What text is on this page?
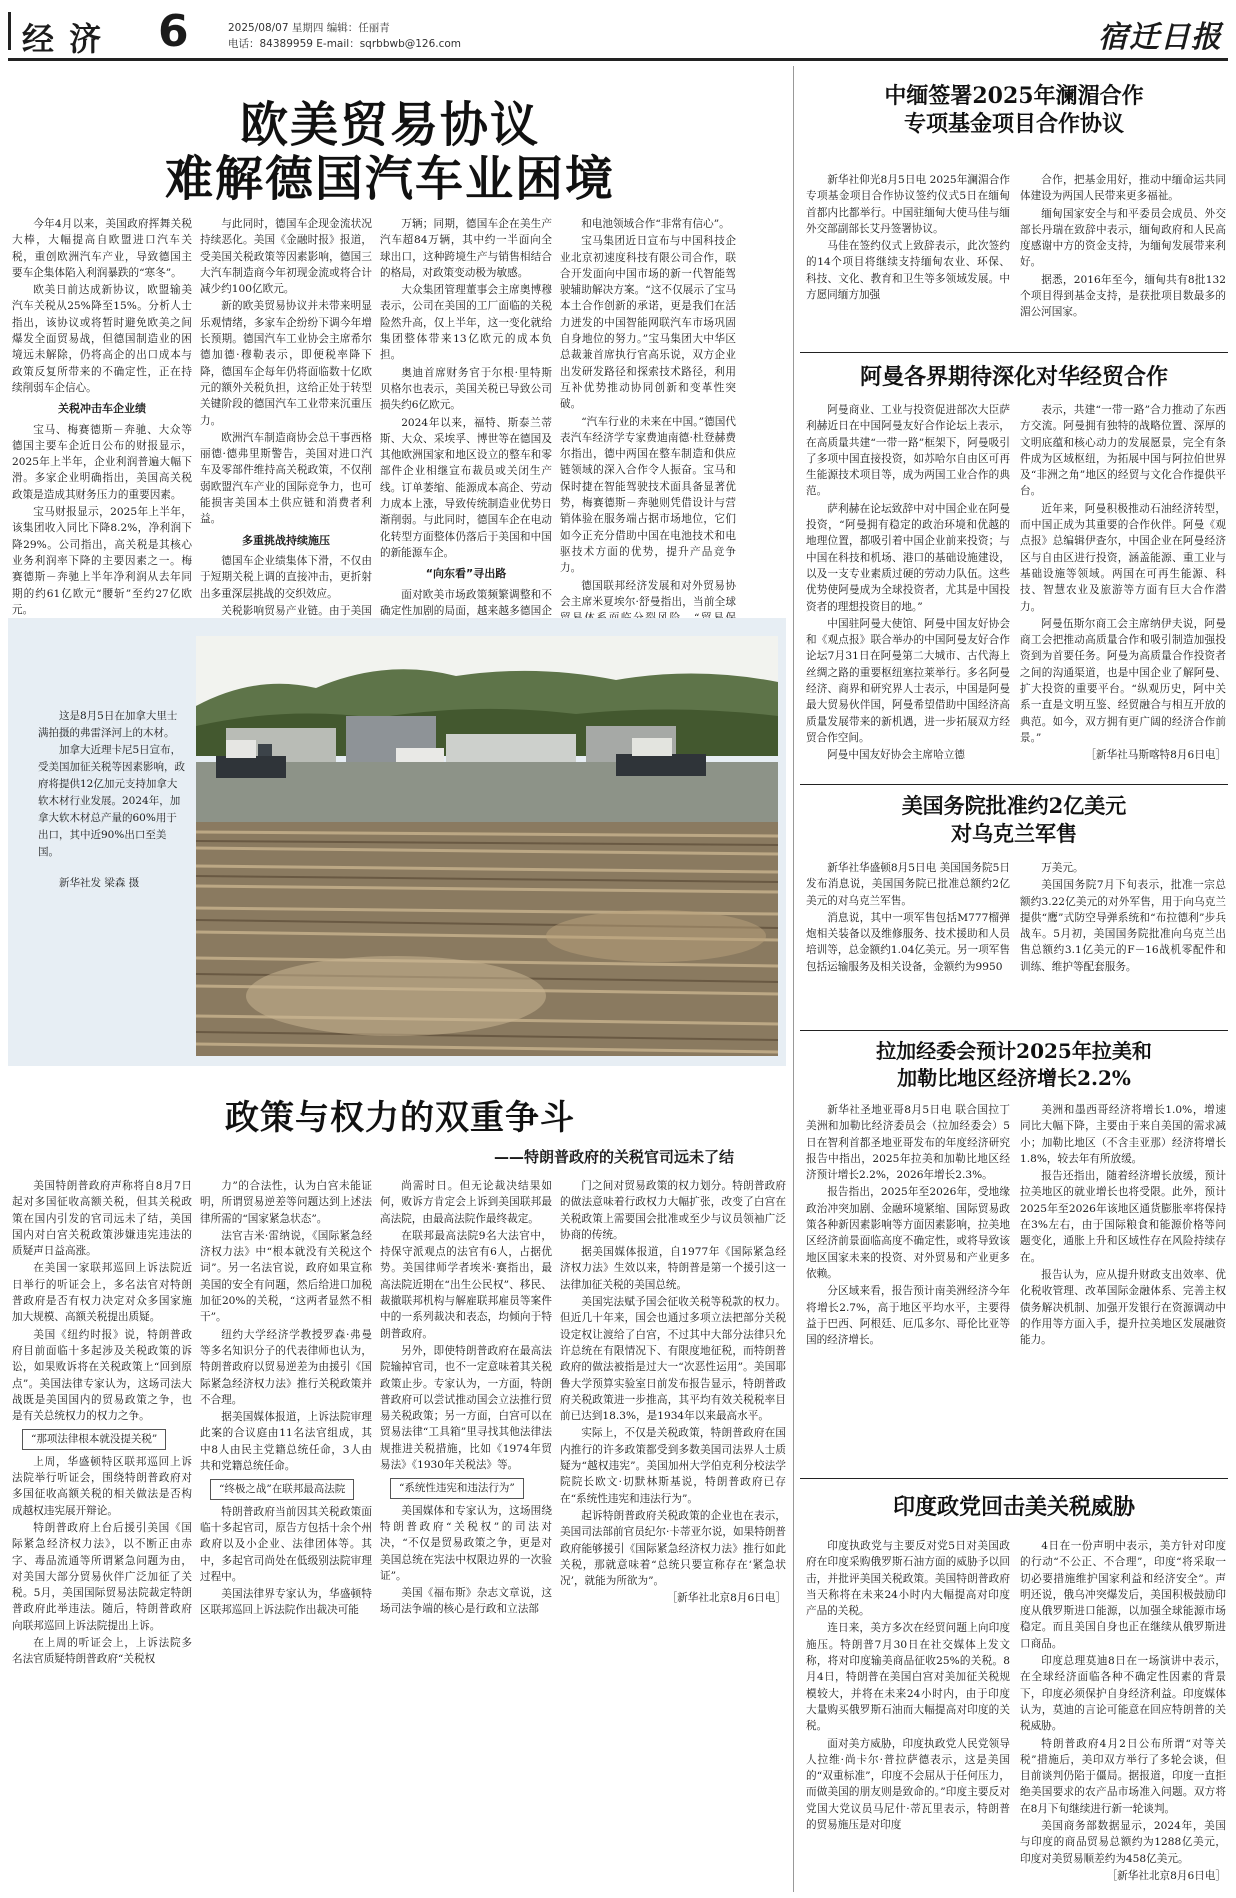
经 济 6	2025/08/07 星期四 编辑：任丽青
电话：84389959 E-mail：sqrbbwb@126.com	宿迁日报
欧美贸易协议
难解德国汽车业困境

今年4月以来，美国政府挥舞关税大棒，大幅提高自欧盟进口汽车关税，重创欧洲汽车产业，导致德国主要车企集体陷入利润暴跌的“寒冬”。

欧美日前达成新协议，欧盟输美汽车关税从25%降至15%。分析人士指出，该协议或将暂时避免欧美之间爆发全面贸易战，但德国制造业的困境远未解除，仍将高企的出口成本与政策反复所带来的不确定性，正在持续削弱车企信心。

关税冲击车企业绩

宝马、梅赛德斯－奔驰、大众等德国主要车企近日公布的财报显示，2025年上半年，企业利润普遍大幅下滑。多家企业明确指出，美国高关税政策是造成其财务压力的重要因素。

宝马财报显示，2025年上半年，该集团收入同比下降8.2%，净利润下降29%。公司指出，高关税是其核心业务利润率下降的主要因素之一。梅赛德斯－奔驰上半年净利润从去年同期的约61亿欧元“腰斩”至约27亿欧元。

与此同时，德国车企现金流状况持续恶化。美国《金融时报》报道，受美国关税政策等因素影响，德国三大汽车制造商今年初现金流或将合计减少约100亿欧元。

新的欧美贸易协议并未带来明显乐观情绪，多家车企纷纷下调今年增长预期。德国汽车工业协会主席希尔德加德·穆勒表示，即便税率降下降，德国车企每年仍将面临数十亿欧元的额外关税负担，这给正处于转型关键阶段的德国汽车工业带来沉重压力。

欧洲汽车制造商协会总干事西格丽德·德弗里斯警告，美国对进口汽车及零部件维持高关税政策，不仅削弱欧盟汽车产业的国际竞争力，也可能损害美国本土供应链和消费者利益。

多重挑战持续施压

德国车企业绩集体下滑，不仅由于短期关税上调的直接冲击，更折射出多重深层挑战的交织效应。

关税影响贸易产业链。由于美国

万辆；同期，德国车企在美生产汽车超84万辆，其中约一半面向全球出口，这种跨境生产与销售相结合的格局，对政策变动极为敏感。

大众集团管理董事会主席奥博穆表示，公司在美国的工厂面临的关税险然升高，仅上半年，这一变化就给集团整体带来13亿欧元的成本负担。

奥迪首席财务官于尔根·里特斯贝格尔也表示，美国关税已导致公司损失约6亿欧元。

2024年以来，福特、斯泰兰蒂斯、大众、采埃孚、博世等在德国及其他欧洲国家和地区设立的整车和零部件企业相继宣布裁员或关闭生产线。订单萎缩、能源成本高企、劳动力成本上涨，导致传统制造业优势日渐削弱。与此同时，德国车企在电动化转型方面整体仍落后于美国和中国的新能源车企。

“向东看”寻出路

面对欧美市场政策频繁调整和不确定性加剧的局面，越来越多德国企

和电池领域合作“非常有信心”。

宝马集团近日宣布与中国科技企业北京初速度科技有限公司合作，联合开发面向中国市场的新一代智能驾驶辅助解决方案。“这不仅展示了宝马本土合作创新的承诺，更是我们在活力迸发的中国智能网联汽车市场巩固自身地位的努力。”宝马集团大中华区总裁兼首席执行官高乐说，双方企业出发研发路径和探索技术路径，利用互补优势推动协同创新和变革性突破。

“汽车行业的未来在中国。”德国代表汽车经济学专家费迪南德·杜登赫费尔指出，德中两国在整车制造和供应链领域的深入合作令人振奋。宝马和保时捷在智能驾驶技术面具备显著优势，梅赛德斯－奔驰则凭借设计与营销体验在服务端占据市场地位，它们如今正充分借助中国在电池技术和电驱技术方面的优势，提升产品竞争力。

德国联邦经济发展和对外贸易协会主席米夏埃尔·舒曼指出，当前全球

这是8月5日在加拿大里士满拍摄的弗雷泽河上的木材。

加拿大近理卡尼5日宣布，受美国加征关税等因素影响，政府将提供12亿加元支持加拿大软木材行业发展。2024年，加拿大软木材总产量的60%用于出口，其中近90%出口至美国。

新华社发 梁森 摄

中缅签署2025年澜湄合作
专项基金项目合作协议

新华社仰光8月5日电 2025年澜湄合作专项基金项目合作协议签约仪式5日在缅甸首都内比都举行。中国驻缅甸大使马佳与缅外交部副部长艾丹签署协议。

马佳在签约仪式上致辞表示，此次签约的14个项目将继续支持缅甸农业、环保、科技、文化、教育和卫生等多领域发展。中方愿同缅方加强

合作，把基金用好，推动中缅命运共同体建设为两国人民带来更多福祉。

缅甸国家安全与和平委员会成员、外交部长丹瑞在致辞中表示，缅甸政府和人民高度感谢中方的资金支持，为缅甸发展带来利好。

据悉，2016年至今，缅甸共有8批132个项目得到基金支持，是获批项目数最多的湄公河国家。

阿曼各界期待深化对华经贸合作

阿曼商业、工业与投资促进部次大臣萨利赫近日在中国阿曼友好合作论坛上表示，在高质量共建“一带一路”框架下，阿曼吸引了多项中国直接投资，如苏哈尔自由区可再生能源技术项目等，成为两国工业合作的典范。

萨利赫在论坛致辞中对中国企业在阿曼投资，“阿曼拥有稳定的政治环境和优越的地理位置，都吸引着中国企业前来投资；与中国在科技和机场、港口的基础设施建设，以及一支专业素质过硬的劳动力队伍。这些优势使阿曼成为全球投资者，尤其是中国投资者的理想投资目的地。”

中国驻阿曼大使馆、阿曼中国友好协会和《观点报》联合举办的中国阿曼友好合作论坛7月31日在阿曼第二大城市、古代海上丝绸之路的重要枢纽塞拉莱举行。多名阿曼经济、商界和研究界人士表示，中国是阿曼最大贸易伙伴国，阿曼希望借助中国经济高质量发展带来的新机遇，进一步拓展双方经贸合作空间。

阿曼中国友好协会主席哈立德

表示，共建“一带一路”合力推动了东西方交流。阿曼拥有独特的战略位置、深厚的文明底蕴和核心动力的发展愿景，完全有条件成为区域枢纽，为拓展中国与阿拉伯世界及“非洲之角”地区的经贸与文化合作提供平台。

近年来，阿曼积极推动石油经济转型，而中国正成为其重要的合作伙伴。阿曼《观点报》总编辑伊查尔，中国企业在阿曼经济区与自由区进行投资，涵盖能源、重工业与基础设施等领域。两国在可再生能源、科技、智慧农业及旅游等方面有巨大合作潜力。

阿曼伍斯尔商工会主席纳伊夫说，阿曼商工会把推动高质量合作和吸引制造加强投资到为首要任务。阿曼为高质量合作投资者之间的沟通渠道，也是中国企业了解阿曼、扩大投资的重要平台。“纵观历史，阿中关系一直是文明互鉴、经贸融合与相互开放的典范。如今，双方拥有更广阔的经济合作前景。”

［新华社马斯喀特8月6日电］

美国务院批准约2亿美元
对乌克兰军售

新华社华盛顿8月5日电 美国国务院5日发布消息说，美国国务院已批准总额约2亿美元的对乌克兰军售。

消息说，其中一项军售包括M777榴弹炮相关装备以及维修服务、技术援助和人员培训等，总金额约1.04亿美元。另一项军售包括运输服务及相关设备，金额约为9950

万美元。

美国国务院7月下旬表示，批准一宗总额约3.22亿美元的对外军售，用于向乌克兰提供“鹰”式防空导弹系统和“布拉德利”步兵战车。5月初，美国国务院批准向乌克兰出售总额约3.1亿美元的F－16战机零配件和训练、维护等配套服务。

拉加经委会预计2025年拉美和
加勒比地区经济增长2.2%

新华社圣地亚哥8月5日电 联合国拉丁美洲和加勒比经济委员会（拉加经委会）5日在智利首都圣地亚哥发布的年度经济研究报告中指出，2025年拉美和加勒比地区经济预计增长2.2%，2026年增长2.3%。

报告指出，2025年至2026年，受地缘政治冲突加剧、金融环境紧缩、国际贸易政策各种新因素影响等方面因素影响，拉美地区经济前景面临高度不确定性，或将导致该地区国家未来的投资、对外贸易和产业更多依赖。

分区域来看，报告预计南美洲经济今年将增长2.7%，高于地区平均水平，主要得益于巴西、阿根廷、厄瓜多尔、哥伦比亚等国的经济增长。

美洲和墨西哥经济将增长1.0%，增速同比大幅下降，主要由于来自美国的需求减小；加勒比地区（不含圭亚那）经济将增长1.8%，较去年有所放缓。

报告还指出，随着经济增长放缓，预计拉美地区的就业增长也将受限。此外，预计2025年至2026年该地区通货膨胀率将保持在3%左右，由于国际粮食和能源价格等问题变化，通胀上升和区域性存在风险持续存在。

报告认为，应从提升财政支出效率、优化税收管理、改革国际金融体系、完善主权债务解决机制、加强开发银行在资源调动中的作用等方面入手，提升拉美地区发展融资能力。

印度政党回击美关税威胁

印度执政党与主要反对党5日对美国政府在印度采购俄罗斯石油方面的威胁予以回击，并批评美国关税政策。美国特朗普政府当天称将在未来24小时内大幅提高对印度产品的关税。

连日来，美方多次在经贸问题上向印度施压。特朗普7月30日在社交媒体上发文称，将对印度输美商品征收25%的关税。8月4日，特朗普在美国白宫对美加征关税规模较大，并将在未来24小时内，由于印度大量购买俄罗斯石油而大幅提高对印度的关税。

面对美方威胁，印度执政党人民党领导人拉维·尚卡尔·普拉萨德表示，这是美国的“双重标准”，印度不会屈从于任何压力，而做美国的朋友则是致命的。”印度主要反对党国大党议员马尼什·蒂瓦里表示，特朗普的贸易施压是对印度

4日在一份声明中表示，美方针对印度的行动“不公正、不合理”，印度“将采取一切必要措施维护国家利益和经济安全”。声明还说，俄乌冲突爆发后，美国积极鼓励印度从俄罗斯进口能源，以加强全球能源市场稳定。而且美国自身也正在继续从俄罗斯进口商品。

印度总理莫迪8日在一场演讲中表示，在全球经济面临各种不确定性因素的背景下，印度必须保护自身经济利益。印度媒体认为，莫迪的言论可能意在回应特朗普的关税威胁。

特朗普政府4月2日公布所谓“对等关税”措施后，美印双方举行了多轮会谈，但目前谈判仍陷于僵局。据报道，印度一直拒绝美国要求的农产品市场准入问题。双方将在8月下旬继续进行新一轮谈判。

美国商务部数据显示，2024年，美国与印度的商品贸易总额约为1288亿美元，印度对美贸易顺差约为458亿美元。

［新华社北京8月6日电］

政策与权力的双重争斗
——特朗普政府的关税官司远未了结

美国特朗普政府声称将自8月7日起对多国征收高额关税，但其关税政策在国内引发的官司远未了结，美国国内对白宫关税政策涉嫌违宪违法的质疑声日益高涨。

在美国一家联邦巡回上诉法院近日举行的听证会上，多名法官对特朗普政府是否有权力决定对众多国家施加大规模、高额关税提出质疑。

美国《纽约时报》说，特朗普政府目前面临十多起涉及关税政策的诉讼，如果败诉将在关税政策上“回到原点”。美国法律专家认为，这场司法大战既是美国国内的贸易政策之争，也是有关总统权力的权力之争。

“那项法律根本就没提关税”

上周，华盛顿特区联邦巡回上诉法院举行听证会，围绕特朗普政府对多国征收高额关税的相关做法是否构成越权违宪展开辩论。

特朗普政府上台后援引美国《国际紧急经济权力法》，以不断正由赤字、毒品流通等所谓紧急问题为由，对美国大部分贸易伙伴广泛加征了关税。5月，美国国际贸易法院裁定特朗普政府此举违法。随后，特朗普政府向联邦巡回上诉法院提出上诉。

在上周的听证会上，上诉法院多名法官质疑特朗普政府“关税权

力”的合法性，认为白宫未能证明，所谓贸易逆差等问题达到上述法律所需的“国家紧急状态”。

法官吉米·雷纳说，《国际紧急经济权力法》中“根本就没有关税这个词”。另一名法官说，政府如果宣称美国的安全有问题，然后给进口加税加征20%的关税，“这两者显然不相干”。

纽约大学经济学教授罗森·弗曼等多名知识分子的代表律师也认为，特朗普政府以贸易逆差为由援引《国际紧急经济权力法》推行关税政策并不合理。

据美国媒体报道，上诉法院审理此案的合议庭由11名法官组成，其中8人由民主党籍总统任命，3人由共和党籍总统任命。

“终极之战”在联邦最高法院

特朗普政府当前因其关税政策面临十多起官司，原告方包括十余个州政府以及小企业、法律团体等。其中，多起官司尚处在低级别法院审理过程中。

美国法律界专家认为，华盛顿特区联邦巡回上诉法院作出裁决可能

尚需时日。但无论裁决结果如何，败诉方肯定会上诉到美国联邦最高法院，由最高法院作最终裁定。

在联邦最高法院9名大法官中，持保守派观点的法官有6人，占据优势。美国律师学者埃米·赛指出，最高法院近期在“出生公民权”、移民、裁撤联邦机构与解雇联邦雇员等案件中的一系列裁决和表态，均倾向于特朗普政府。

另外，即使特朗普政府在最高法院输掉官司，也不一定意味着其关税政策止步。专家认为，一方面，特朗普政府可以尝试推动国会立法推行贸易关税政策；另一方面，白宫可以在贸易法律“工具箱”里寻找其他法律法规推进关税措施，比如《1974年贸易法》《1930年关税法》等。

“系统性违宪和违法行为”

美国媒体和专家认为，这场围绕特朗普政府“关税权”的司法对决，“不仅是贸易政策之争，更是对美国总统在宪法中权限边界的一次验证”。

美国《福布斯》杂志文章说，这场司法争端的核心是行政和立法部

门之间对贸易政策的权力划分。特朗普政府的做法意味着行政权力大幅扩张，改变了白宫在关税政策上需要国会批准或至少与议员领袖广泛协商的传统。

据美国媒体报道，自1977年《国际紧急经济权力法》生效以来，特朗普是第一个援引这一法律加征关税的美国总统。

美国宪法赋予国会征收关税等税款的权力。但近几十年来，国会也通过多项立法把部分关税设定权让渡给了白宫，不过其中大部分法律只允许总统在有限情况下、有限度地征税，而特朗普政府的做法被指是过大一“次恶性运用”。美国耶鲁大学预算实验室日前发布报告显示，特朗普政府关税政策进一步推高，其平均有效关税税率目前已达到18.3%，是1934年以来最高水平。

实际上，不仅是关税政策，特朗普政府在国内推行的许多政策都受到多数美国司法界人士质疑为“越权违宪”。美国加州大学伯克利分校法学院院长欧文·切默林斯基说，特朗普政府已存在“系统性违宪和违法行为”。

起诉特朗普政府关税政策的企业也在表示，美国司法部前官员纪尔·卡蒂亚尔说，如果特朗普政府能够援引《国际紧急经济权力法》推行如此关税，那就意味着“总统只要宣称存在‘紧急状况’，就能为所欲为”。

［新华社北京8月6日电］
